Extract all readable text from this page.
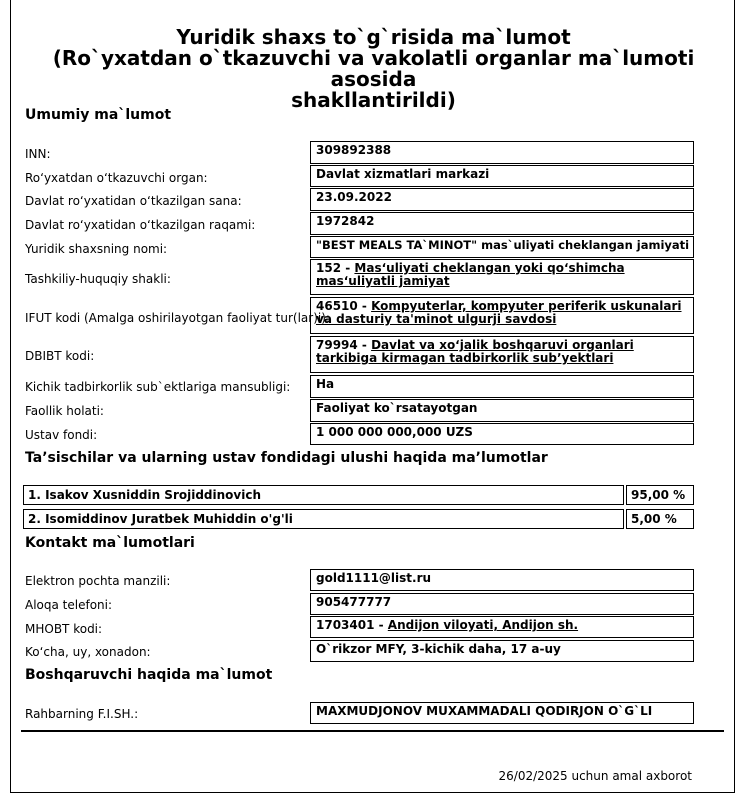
Yuridik shaxs to`g`risida ma`lumot
(Ro`yxatdan o`tkazuvchi va vakolatli organlar ma`lumoti asosida
shakllantirildi)
Umumiy ma`lumot
INN:	309892388
Roʻyxatdan oʻtkazuvchi organ:	Davlat xizmatlari markazi
Davlat roʻyxatidan oʻtkazilgan sana:	23.09.2022
Davlat roʻyxatidan oʻtkazilgan raqami:	1972842
Yuridik shaxsning nomi:	"BEST MEALS TA`MINOT" mas`uliyati cheklangan jamiyati
Tashkiliy-huquqiy shakli:
152 - Masʻuliyati cheklangan yoki qoʻshimcha masʻuliyatli jamiyat
IFUT kodi (Amalga oshirilayotgan faoliyat tur(lar)i):
46510 - Kompyuterlar, kompyuter periferik uskunalari va dasturiy ta'minot ulgurji savdosi
DBIBT kodi:
79994 - Davlat va xoʻjalik boshqaruvi organlari tarkibiga kirmagan tadbirkorlik subʼyektlari
Kichik tadbirkorlik sub`ektlariga mansubligi:	Ha
Faollik holati:	Faoliyat ko`rsatayotgan
Ustav fondi:	1 000 000 000,000 UZS
Taʼsischilar va ularning ustav fondidagi ulushi haqida maʼlumotlar
1. Isakov Xusniddin Srojiddinovich	95,00 %
2. Isomiddinov Juratbek Muhiddin o'g'li	5,00 %
Kontakt ma`lumotlari
Elektron pochta manzili:	gold1111@list.ru
Aloqa telefoni:	905477777
MHOBT kodi:	1703401 - Andijon viloyati, Andijon sh.
Koʻcha, uy, xonadon:	O`rikzor MFY, 3-kichik daha, 17 a-uy
Boshqaruvchi haqida ma`lumot
Rahbarning F.I.SH.:	MAXMUDJONOV MUXAMMADALI QODIRJON O`G`LI
26/02/2025 uchun amal axborot
